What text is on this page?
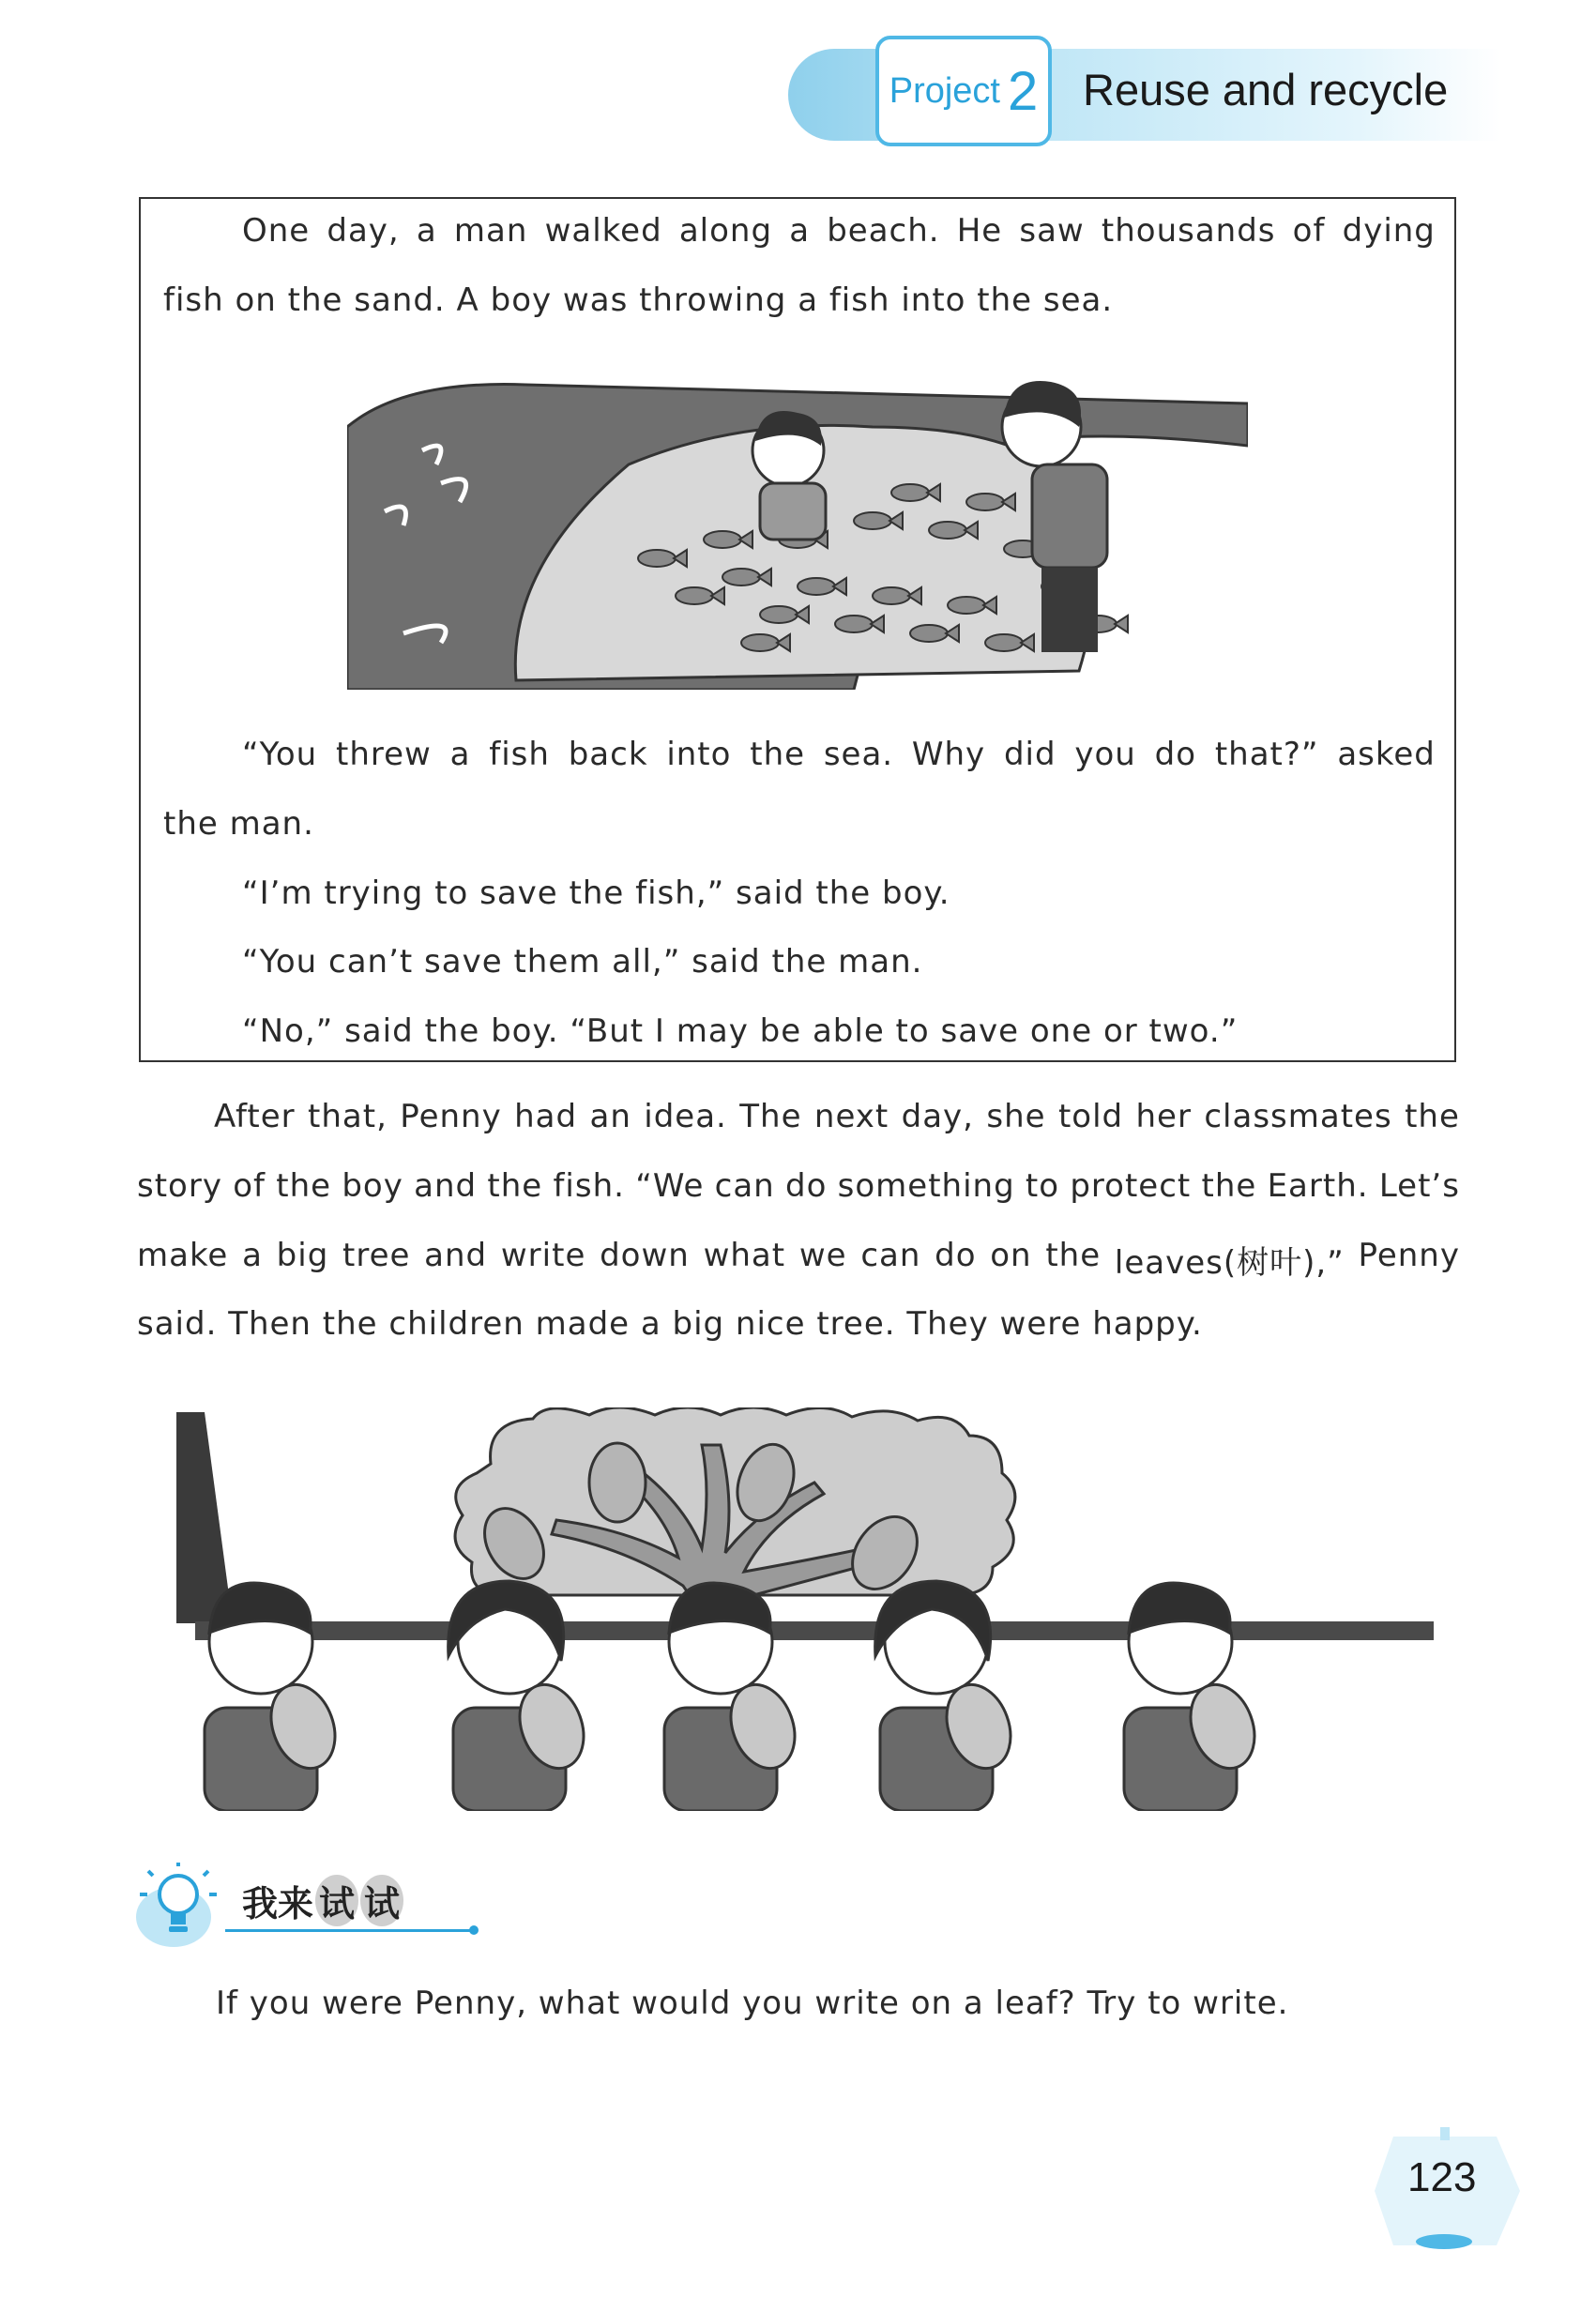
Project 2 Reuse and recycle
One day, a man walked along a beach. He saw thousands of dying
fish on the sand. A boy was throwing a fish into the sea.
“You threw a fish back into the sea. Why did you do that?” asked
the man.
“I’m trying to save the fish,” said the boy.
“You can’t save them all,” said the man.
“No,” said the boy. “But I may be able to save one or two.”
After that, Penny had an idea. The next day, she told her classmates the
story of the boy and the fish. “We can do something to protect the Earth. Let’s
make a big tree and write down what we can do on the leaves(树叶),” Penny
said. Then the children made a big nice tree. They were happy.
我来 试 试
If you were Penny, what would you write on a leaf? Try to write.
123
